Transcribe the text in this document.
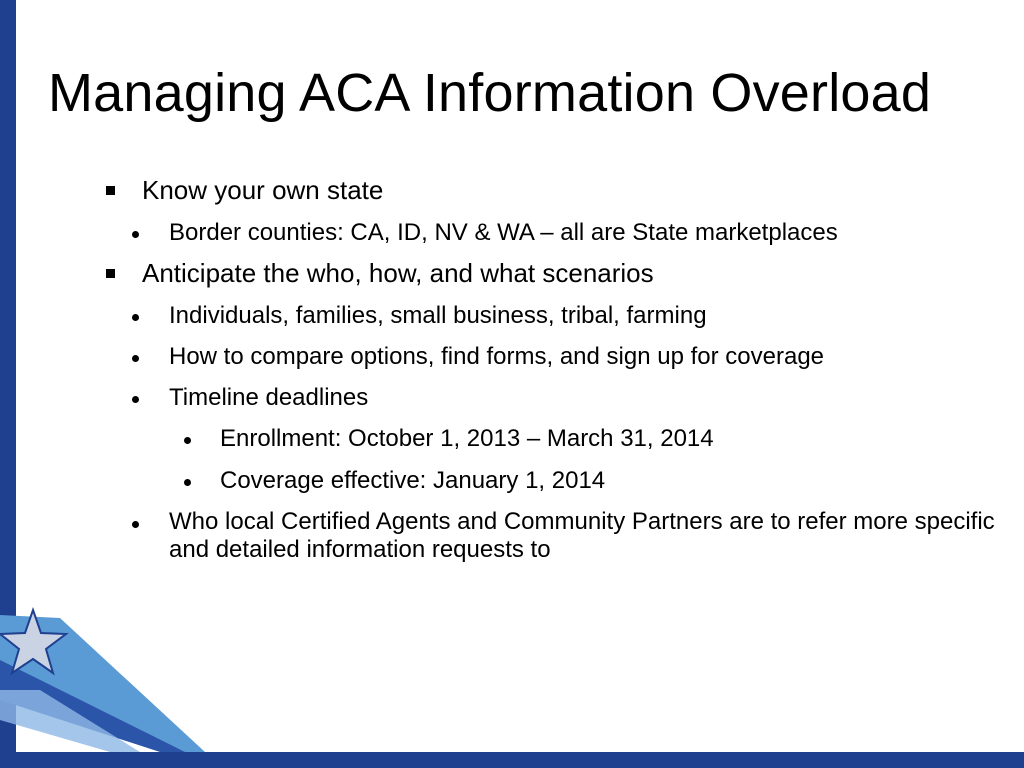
Managing ACA Information Overload
Know your own state
Border counties: CA, ID, NV & WA – all are State marketplaces
Anticipate the who, how, and what scenarios
Individuals, families, small business, tribal, farming
How to compare options, find forms, and sign up for coverage
Timeline deadlines
Enrollment: October 1, 2013 – March 31, 2014
Coverage effective: January 1, 2014
Who local Certified Agents and Community Partners are to refer more specific and detailed information requests to
